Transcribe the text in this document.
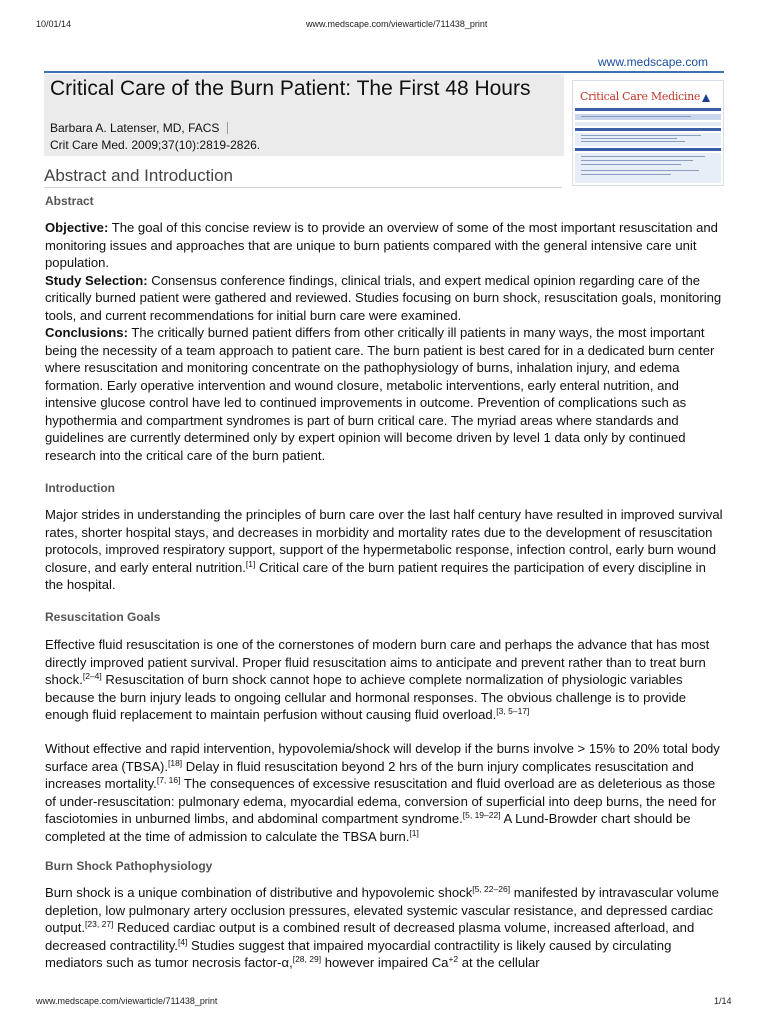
10/01/14	www.medscape.com/viewarticle/711438_print
www.medscape.com
Critical Care of the Burn Patient: The First 48 Hours
Barbara A. Latenser, MD, FACS
Crit Care Med. 2009;37(10):2819-2826.
Critical Care Medicine
Abstract and Introduction
Abstract

Objective: The goal of this concise review is to provide an overview of some of the most important resuscitation and monitoring issues and approaches that are unique to burn patients compared with the general intensive care unit population.
Study Selection: Consensus conference findings, clinical trials, and expert medical opinion regarding care of the critically burned patient were gathered and reviewed. Studies focusing on burn shock, resuscitation goals, monitoring tools, and current recommendations for initial burn care were examined.
Conclusions: The critically burned patient differs from other critically ill patients in many ways, the most important being the necessity of a team approach to patient care. The burn patient is best cared for in a dedicated burn center where resuscitation and monitoring concentrate on the pathophysiology of burns, inhalation injury, and edema formation. Early operative intervention and wound closure, metabolic interventions, early enteral nutrition, and intensive glucose control have led to continued improvements in outcome. Prevention of complications such as hypothermia and compartment syndromes is part of burn critical care. The myriad areas where standards and guidelines are currently determined only by expert opinion will become driven by level 1 data only by continued research into the critical care of the burn patient.

Introduction

Major strides in understanding the principles of burn care over the last half century have resulted in improved survival rates, shorter hospital stays, and decreases in morbidity and mortality rates due to the development of resuscitation protocols, improved respiratory support, support of the hypermetabolic response, infection control, early burn wound closure, and early enteral nutrition.[1] Critical care of the burn patient requires the participation of every discipline in the hospital.

Resuscitation Goals

Effective fluid resuscitation is one of the cornerstones of modern burn care and perhaps the advance that has most directly improved patient survival. Proper fluid resuscitation aims to anticipate and prevent rather than to treat burn shock.[2–4] Resuscitation of burn shock cannot hope to achieve complete normalization of physiologic variables because the burn injury leads to ongoing cellular and hormonal responses. The obvious challenge is to provide enough fluid replacement to maintain perfusion without causing fluid overload.[3, 5–17]

Without effective and rapid intervention, hypovolemia/shock will develop if the burns involve > 15% to 20% total body surface area (TBSA).[18] Delay in fluid resuscitation beyond 2 hrs of the burn injury complicates resuscitation and increases mortality.[7, 16] The consequences of excessive resuscitation and fluid overload are as deleterious as those of under-resuscitation: pulmonary edema, myocardial edema, conversion of superficial into deep burns, the need for fasciotomies in unburned limbs, and abdominal compartment syndrome.[5, 19–22] A Lund-Browder chart should be completed at the time of admission to calculate the TBSA burn.[1]

Burn Shock Pathophysiology

Burn shock is a unique combination of distributive and hypovolemic shock[5, 22–26] manifested by intravascular volume depletion, low pulmonary artery occlusion pressures, elevated systemic vascular resistance, and depressed cardiac output.[23, 27] Reduced cardiac output is a combined result of decreased plasma volume, increased afterload, and decreased contractility.[4] Studies suggest that impaired myocardial contractility is likely caused by circulating mediators such as tumor necrosis factor-α,[28, 29] however impaired $Ca^{+2}$ at the cellular

www.medscape.com/viewarticle/711438_print	1/14
